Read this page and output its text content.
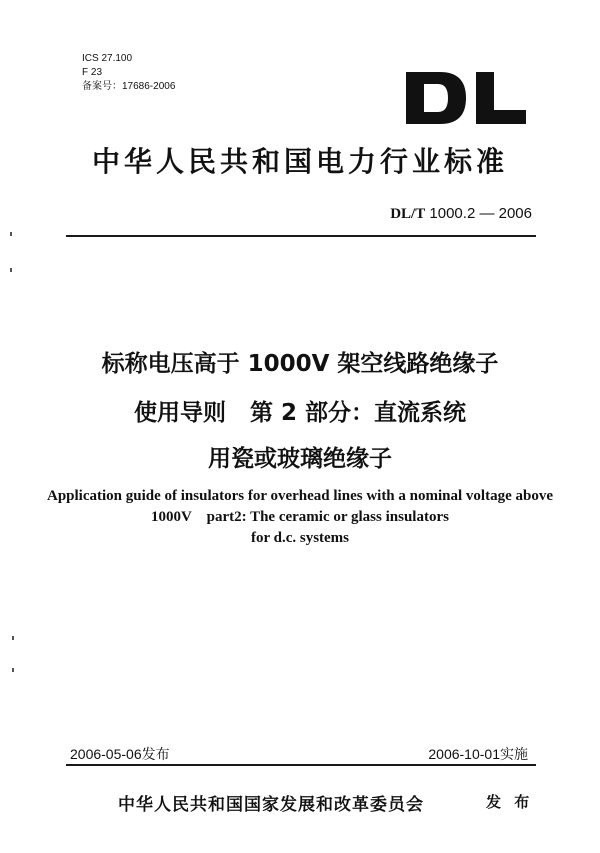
ICS 27.100
F 23
备案号：17686-2006
中华人民共和国电力行业标准
DL/T 1000.2 — 2006
标称电压高于 1000V 架空线路绝缘子
使用导则   第 2 部分：直流系统
用瓷或玻璃绝缘子
Application guide of insulators for overhead lines with a nominal voltage above
1000V    part2: The ceramic or glass insulators
for d.c. systems
2006-05-06发布	2006-10-01实施
中华人民共和国国家发展和改革委员会	发 布
